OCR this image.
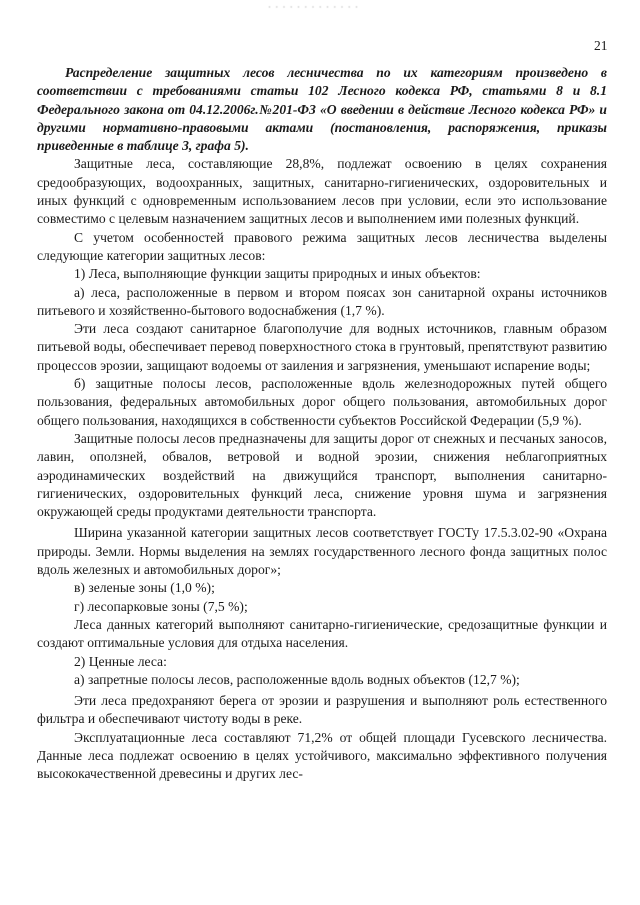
· · · · · · · · · · · · ·
21

Распределение защитных лесов лесничества по их категориям произведено в соответствии с требованиями статьи 102 Лесного кодекса РФ, статьями 8 и 8.1 Федерального закона от 04.12.2006г.№201-ФЗ «О введении в действие Лесного кодекса РФ» и другими нормативно-правовыми актами (постановления, распоряжения, приказы приведенные в таблице 3, графа 5).

Защитные леса, составляющие 28,8%, подлежат освоению в целях сохранения средообразующих, водоохранных, защитных, санитарно-гигиенических, оздоровительных и иных функций с одновременным использованием лесов при условии, если это использование совместимо с целевым назначением защитных лесов и выполнением ими полезных функций.

С учетом особенностей правового режима защитных лесов лесничества выделены следующие категории защитных лесов:

1) Леса, выполняющие функции защиты природных и иных объектов:

а) леса, расположенные в первом и втором поясах зон санитарной охраны источников питьевого и хозяйственно-бытового водоснабжения (1,7 %).

Эти леса создают санитарное благополучие для водных источников, главным образом питьевой воды, обеспечивает перевод поверхностного стока в грунтовый, препятствуют развитию процессов эрозии, защищают водоемы от заиления и загрязнения, уменьшают испарение воды;

б) защитные полосы лесов, расположенные вдоль железнодорожных путей общего пользования, федеральных автомобильных дорог общего пользования, автомобильных дорог общего пользования, находящихся в собственности субъектов Российской Федерации (5,9 %).

Защитные полосы лесов предназначены для защиты дорог от снежных и песчаных заносов, лавин, оползней, обвалов, ветровой и водной эрозии, снижения неблагоприятных аэродинамических воздействий на движущийся транспорт, выполнения санитарно-гигиенических, оздоровительных функций леса, снижение уровня шума и загрязнения окружающей среды продуктами деятельности транспорта.

Ширина указанной категории защитных лесов соответствует ГОСТу 17.5.3.02-90 «Охрана природы. Земли. Нормы выделения на землях государственного лесного фонда защитных полос вдоль железных и автомобильных дорог»;

в) зеленые зоны (1,0 %);

г) лесопарковые зоны (7,5 %);

Леса данных категорий выполняют санитарно-гигиенические, средозащитные функции и создают оптимальные условия для отдыха населения.

2) Ценные леса:

а) запретные полосы лесов, расположенные вдоль водных объектов (12,7 %);

Эти леса предохраняют берега от эрозии и разрушения и выполняют роль естественного фильтра и обеспечивают чистоту воды в реке.

Эксплуатационные леса составляют 71,2% от общей площади Гусевского лесничества. Данные леса подлежат освоению в целях устойчивого, максимально эффективного получения высококачественной древесины и других лес-
